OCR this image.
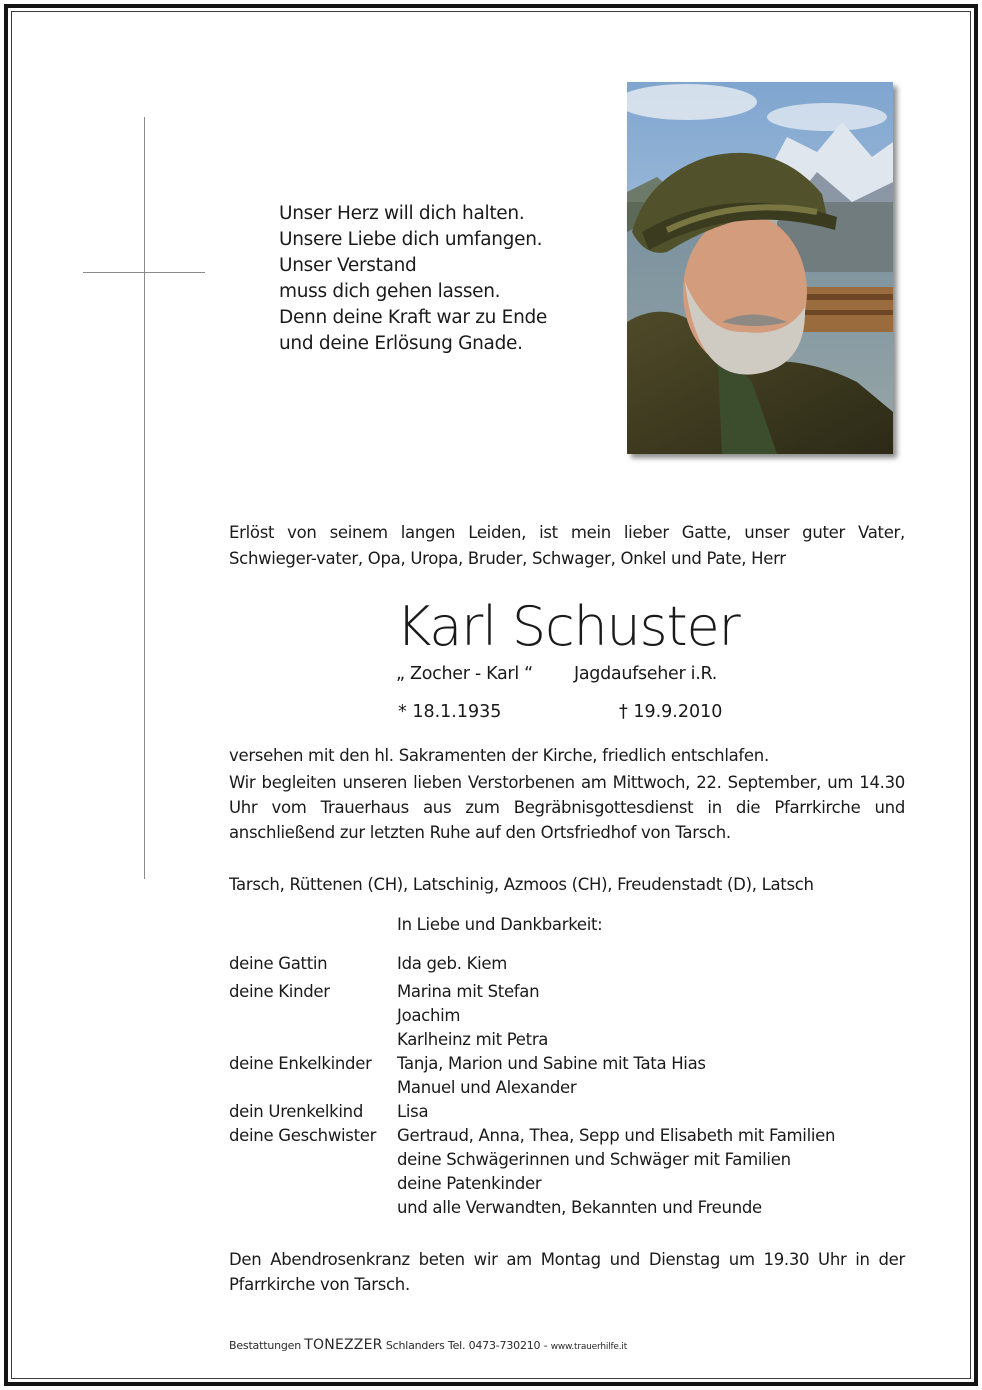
Unser Herz will dich halten.
Unsere Liebe dich umfangen.
Unser Verstand
muss dich gehen lassen.
Denn deine Kraft war zu Ende
und deine Erlösung Gnade.
Erlöst von seinem langen Leiden, ist mein lieber Gatte, unser guter Vater, Schwieger-vater, Opa, Uropa, Bruder, Schwager, Onkel und Pate, Herr
Karl Schuster
„ Zocher - Karl “ Jagdaufseher i.R.
* 18.1.1935	† 19.9.2010
versehen mit den hl. Sakramenten der Kirche, friedlich entschlafen.
Wir begleiten unseren lieben Verstorbenen am Mittwoch, 22. September, um 14.30 Uhr vom Trauerhaus aus zum Begräbnisgottesdienst in die Pfarrkirche und anschließend zur letzten Ruhe auf den Ortsfriedhof von Tarsch.
Tarsch, Rüttenen (CH), Latschinig, Azmoos (CH), Freudenstadt (D), Latsch
In Liebe und Dankbarkeit:
deine Gattin	Ida geb. Kiem
deine Kinder	Marina mit Stefan
Joachim
Karlheinz mit Petra
deine Enkelkinder	Tanja, Marion und Sabine mit Tata Hias
Manuel und Alexander
dein Urenkelkind	Lisa
deine Geschwister	Gertraud, Anna, Thea, Sepp und Elisabeth mit Familien
deine Schwägerinnen und Schwäger mit Familien
deine Patenkinder
und alle Verwandten, Bekannten und Freunde
Den Abendrosenkranz beten wir am Montag und Dienstag um 19.30 Uhr in der Pfarrkirche von Tarsch.
Bestattungen TONEZZER Schlanders Tel. 0473-730210 - www.trauerhilfe.it
